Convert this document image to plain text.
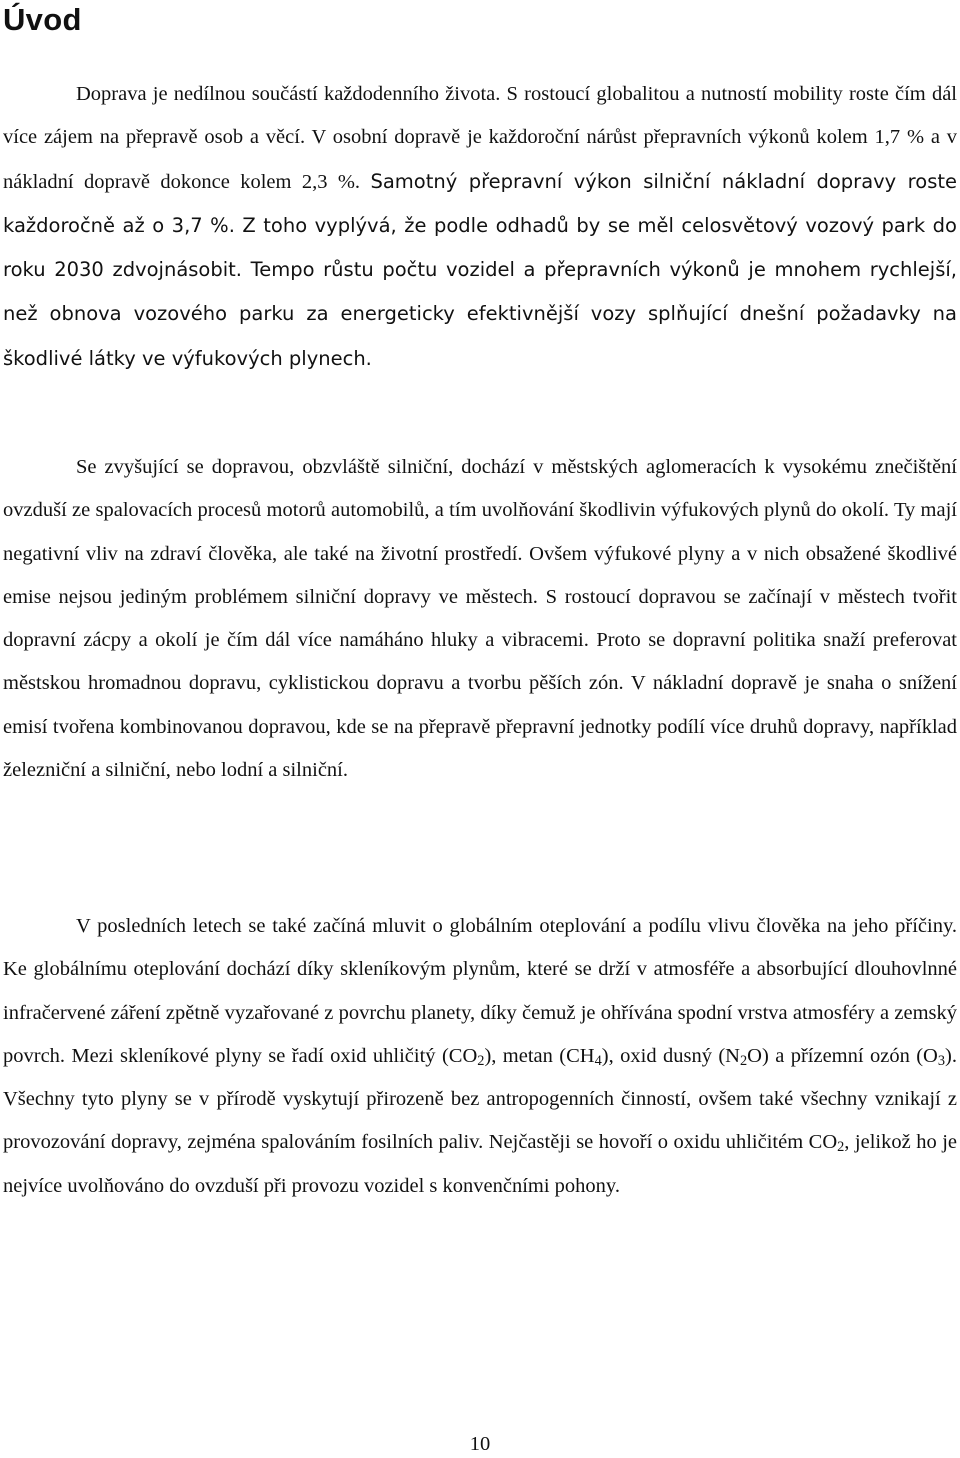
Úvod

Doprava je nedílnou součástí každodenního života. S rostoucí globalitou a nutností mobility roste čím dál více zájem na přepravě osob a věcí. V osobní dopravě je každoroční nárůst přepravních výkonů kolem 1,7 % a v nákladní dopravě dokonce kolem 2,3 %. Samotný přepravní výkon silniční nákladní dopravy roste každoročně až o 3,7 %. Z toho vyplývá, že podle odhadů by se měl celosvětový vozový park do roku 2030 zdvojnásobit. Tempo růstu počtu vozidel a přepravních výkonů je mnohem rychlejší, než obnova vozového parku za energeticky efektivnější vozy splňující dnešní požadavky na škodlivé látky ve výfukových plynech.

Se zvyšující se dopravou, obzvláště silniční, dochází v městských aglomeracích k vysokému znečištění ovzduší ze spalovacích procesů motorů automobilů, a tím uvolňování škodlivin výfukových plynů do okolí. Ty mají negativní vliv na zdraví člověka, ale také na životní prostředí. Ovšem výfukové plyny a v nich obsažené škodlivé emise nejsou jediným problémem silniční dopravy ve městech. S rostoucí dopravou se začínají v městech tvořit dopravní zácpy a okolí je čím dál více namáháno hluky a vibracemi. Proto se dopravní politika snaží preferovat městskou hromadnou dopravu, cyklistickou dopravu a tvorbu pěších zón. V nákladní dopravě je snaha o snížení emisí tvořena kombinovanou dopravou, kde se na přepravě přepravní jednotky podílí více druhů dopravy, například železniční a silniční, nebo lodní a silniční.

V posledních letech se také začíná mluvit o globálním oteplování a podílu vlivu člověka na jeho příčiny. Ke globálnímu oteplování dochází díky skleníkovým plynům, které se drží v atmosféře a absorbující dlouhovlnné infračervené záření zpětně vyzařované z povrchu planety, díky čemuž je ohřívána spodní vrstva atmosféry a zemský povrch. Mezi skleníkové plyny se řadí oxid uhličitý $(CO_2)$, metan $(CH_4)$, oxid dusný $(N_2O)$ a přízemní ozón $(O_3)$. Všechny tyto plyny se v přírodě vyskytují přirozeně bez antropogenních činností, ovšem také všechny vznikají z provozování dopravy, zejména spalováním fosilních paliv. Nejčastěji se hovoří o oxidu uhličitém $CO_2$, jelikož ho je nejvíce uvolňováno do ovzduší při provozu vozidel s konvenčními pohony.

10
